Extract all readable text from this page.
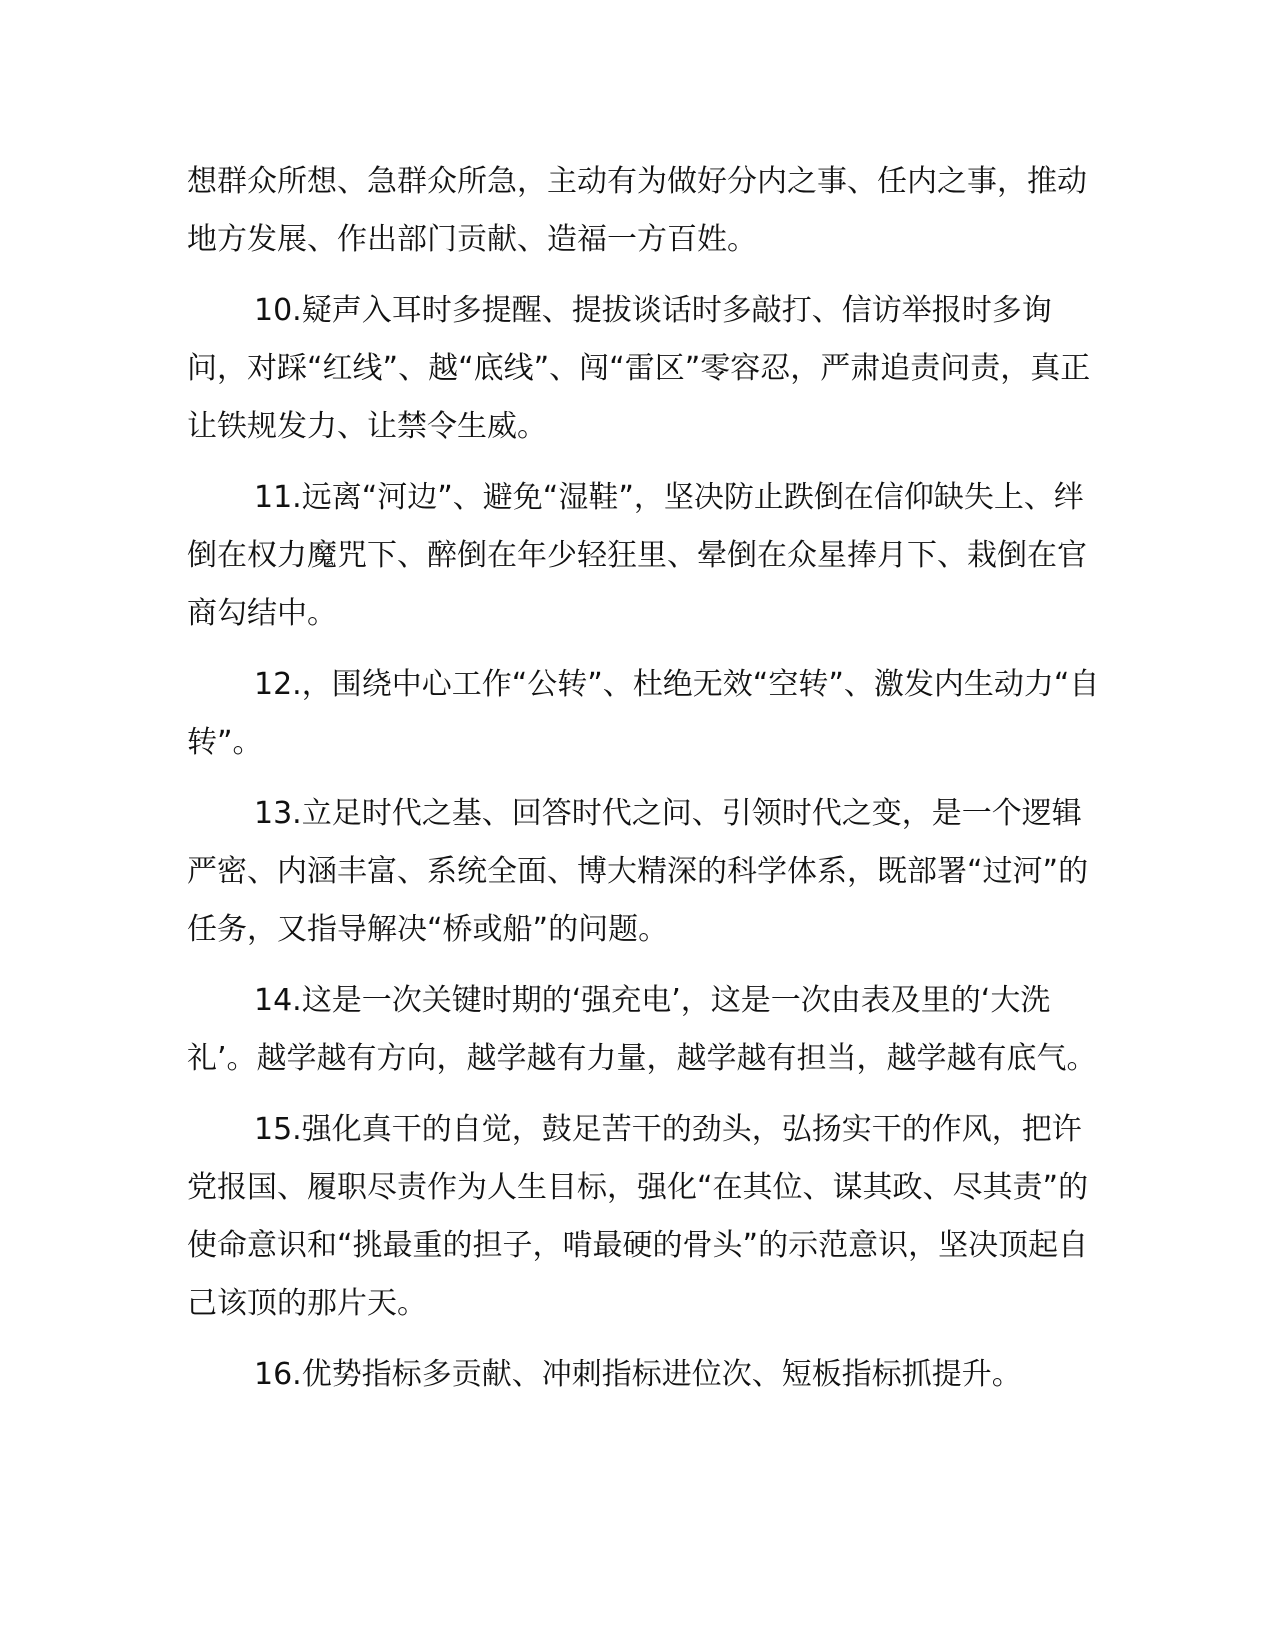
想群众所想、急群众所急，主动有为做好分内之事、任内之事，推动地方发展、作出部门贡献、造福一方百姓。

10.疑声入耳时多提醒、提拔谈话时多敲打、信访举报时多询问，对踩“红线”、越“底线”、闯“雷区”零容忍，严肃追责问责，真正让铁规发力、让禁令生威。

11.远离“河边”、避免“湿鞋”，坚决防止跌倒在信仰缺失上、绊倒在权力魔咒下、醉倒在年少轻狂里、晕倒在众星捧月下、栽倒在官商勾结中。

12.，围绕中心工作“公转”、杜绝无效“空转”、激发内生动力“自转”。

13.立足时代之基、回答时代之问、引领时代之变，是一个逻辑严密、内涵丰富、系统全面、博大精深的科学体系，既部署“过河”的任务，又指导解决“桥或船”的问题。

14.这是一次关键时期的‘强充电’，这是一次由表及里的‘大洗礼’。越学越有方向，越学越有力量，越学越有担当，越学越有底气。

15.强化真干的自觉，鼓足苦干的劲头，弘扬实干的作风，把许党报国、履职尽责作为人生目标，强化“在其位、谋其政、尽其责”的使命意识和“挑最重的担子，啃最硬的骨头”的示范意识，坚决顶起自己该顶的那片天。

16.优势指标多贡献、冲刺指标进位次、短板指标抓提升。
